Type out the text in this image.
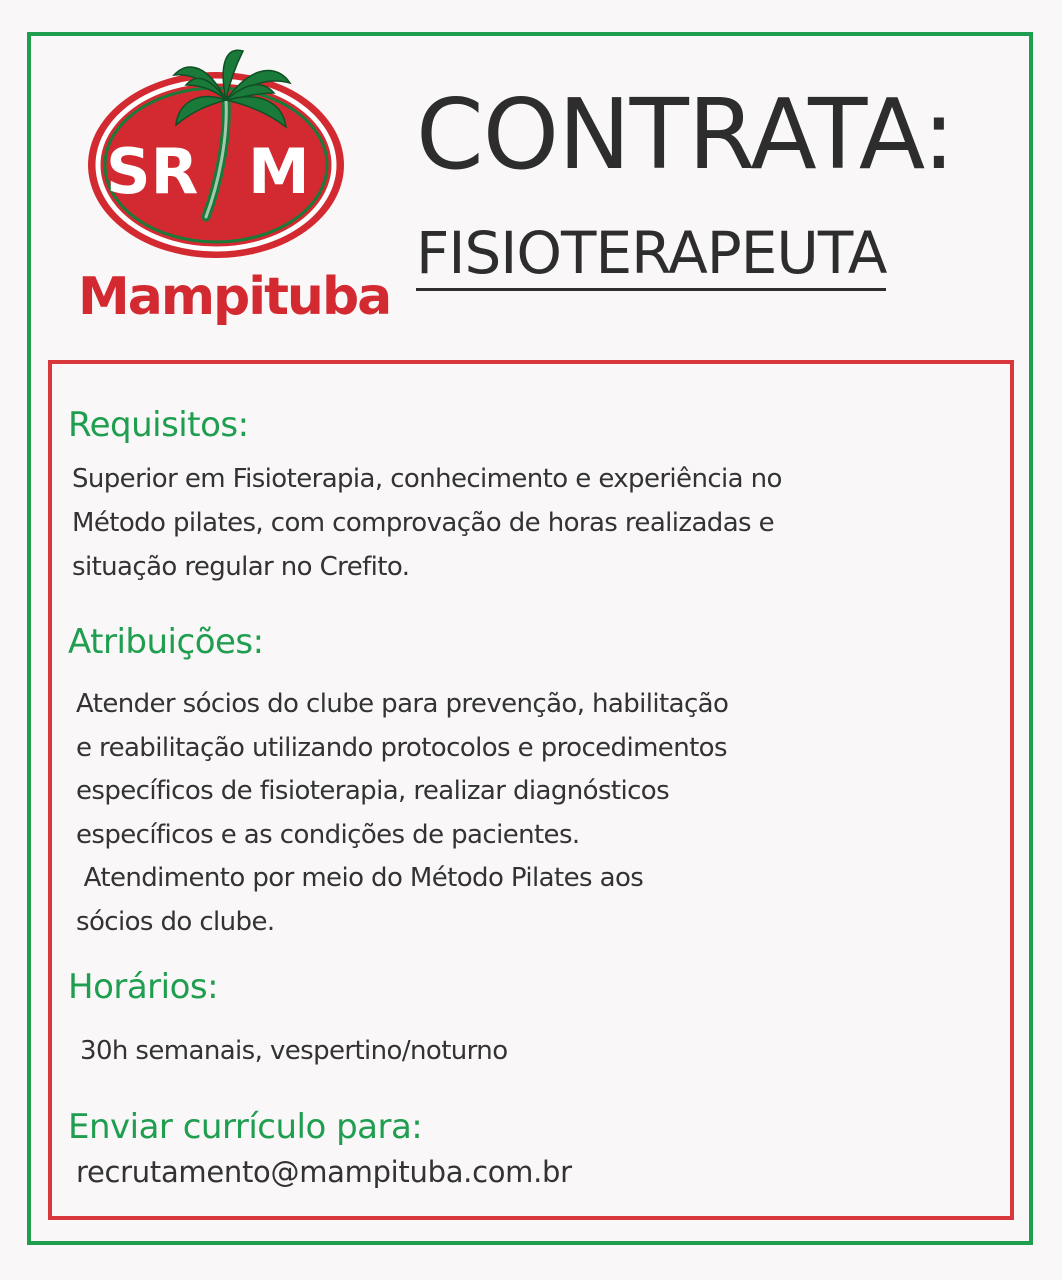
SR M
Mampituba
CONTRATA:
FISIOTERAPEUTA
Requisitos:
Superior em Fisioterapia, conhecimento e experiência no
Método pilates, com comprovação de horas realizadas e
situação regular no Crefito.
Atribuições:
Atender sócios do clube para prevenção, habilitação
e reabilitação utilizando protocolos e procedimentos
específicos de fisioterapia, realizar diagnósticos
específicos e as condições de pacientes.
Atendimento por meio do Método Pilates aos
sócios do clube.
Horários:
30h semanais, vespertino/noturno
Enviar currículo para:
recrutamento@mampituba.com.br
